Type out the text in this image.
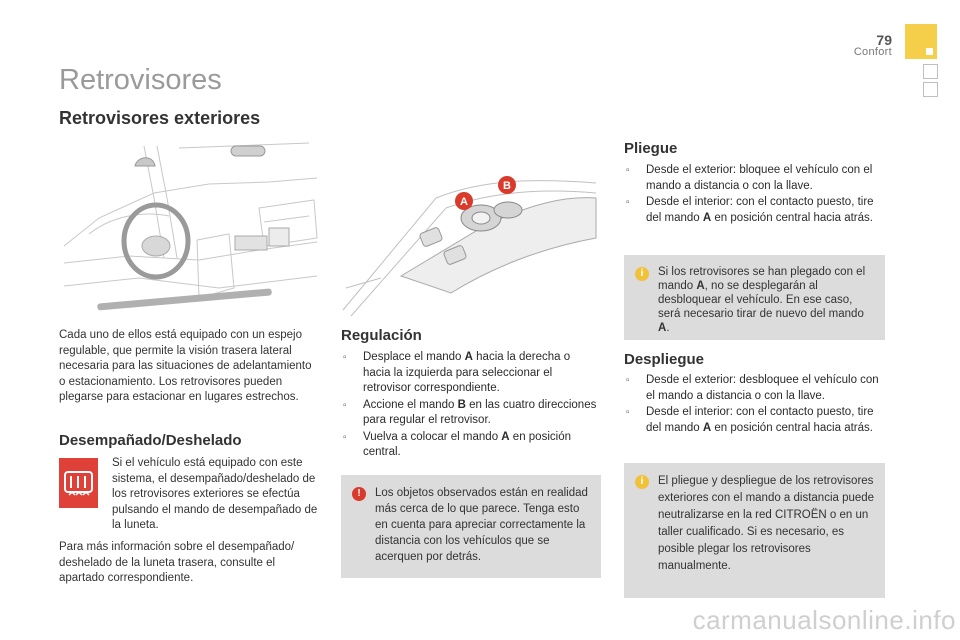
79
Confort
Retrovisores
Retrovisores exteriores
A
B
Cada uno de ellos está equipado con un espejo regulable, que permite la visión trasera lateral necesaria para las situaciones de adelantamiento o estacionamiento. Los retrovisores pueden plegarse para estacionar en lugares estrechos.
Desempañado/Deshelado
Si el vehículo está equipado con este sistema, el desempañado/deshelado de los retrovisores exteriores se efectúa pulsando el mando de desempañado de la luneta.
Para más información sobre el desempañado/ deshelado de la luneta trasera, consulte el apartado correspondiente.
Regulación
▫ Desplace el mando A hacia la derecha o hacia la izquierda para seleccionar el retrovisor correspondiente.
▫ Accione el mando B en las cuatro direcciones para regular el retrovisor.
▫ Vuelva a colocar el mando A en posición central.
!	Los objetos observados están en realidad más cerca de lo que parece. Tenga esto en cuenta para apreciar correctamente la distancia con los vehículos que se acerquen por detrás.
Pliegue
▫ Desde el exterior: bloquee el vehículo con el mando a distancia o con la llave.
▫ Desde el interior: con el contacto puesto, tire del mando A en posición central hacia atrás.
i	Si los retrovisores se han plegado con el mando A, no se desplegarán al desbloquear el vehículo. En ese caso, será necesario tirar de nuevo del mando A.
Despliegue
▫ Desde el exterior: desbloquee el vehículo con el mando a distancia o con la llave.
▫ Desde el interior: con el contacto puesto, tire del mando A en posición central hacia atrás.
i	El pliegue y despliegue de los retrovisores exteriores con el mando a distancia puede neutralizarse en la red CITROËN o en un taller cualificado. Si es necesario, es posible plegar los retrovisores manualmente.
carmanualsonline.info
